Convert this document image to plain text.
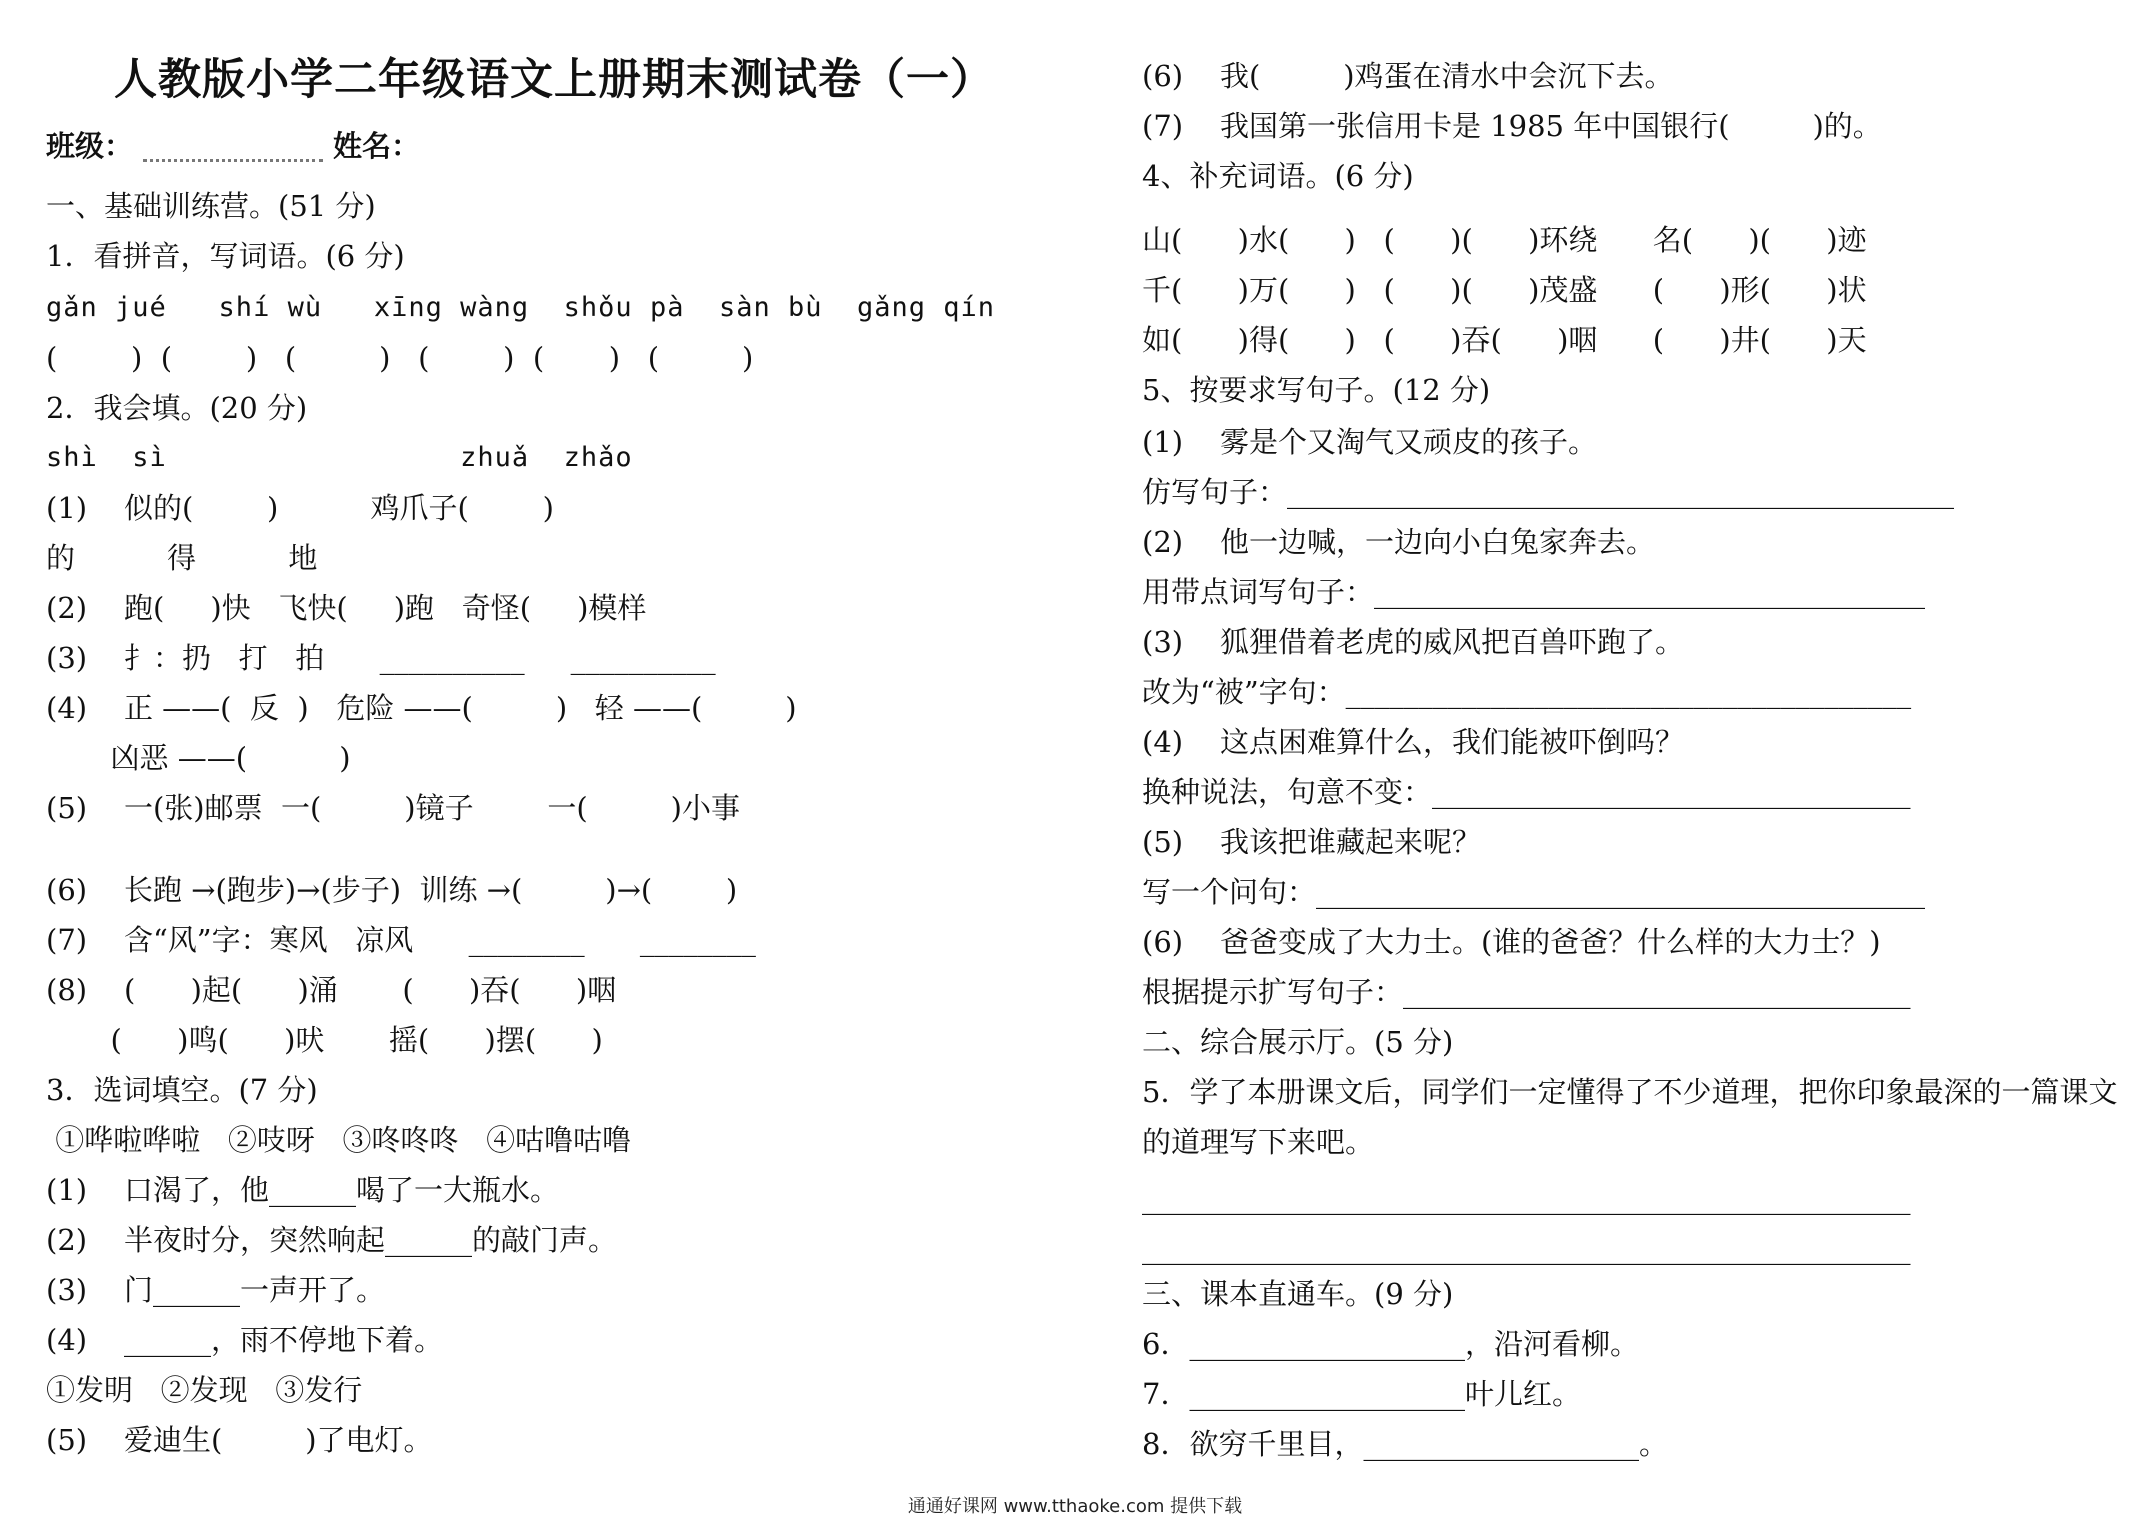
人教版小学二年级语文上册期末测试卷（一）
班级：	姓名：
一、基础训练营。(51 分)
1．看拼音，写词语。(6 分)
gǎn jué   shí wù   xīng wàng  shǒu pà  sàn bù  gǎng qín
(        )  (        )   (         )   (        )  (       )   (         )
2．我会填。(20 分)
shì  sì                 zhuǎ  zhǎo
(1)    似的(        )          鸡爪子(        )
的          得          地
(2)    跑(     )快   飞快(     )跑   奇怪(     )模样
(3)    扌：扔   打   拍      __________     __________
(4)    正 ——(  反  )   危险 ——(         )   轻 ——(         )
凶恶 ——(          )
(5)    一(张)邮票  一(         )镜子        一(         )小事
(6)    长跑 →(跑步)→(步子)  训练 →(         )→(        )
(7)    含“风”字：寒风   凉风      ________      ________
(8)    (      )起(      )涌       (      )吞(      )咽
(      )鸣(      )吠       摇(      )摆(      )
3．选词填空。(7 分)
①哗啦哗啦   ②吱呀   ③咚咚咚   ④咕噜咕噜
(1)    口渴了，他______喝了一大瓶水。
(2)    半夜时分，突然响起______的敲门声。
(3)    门______一声开了。
(4)    ______，雨不停地下着。
①发明   ②发现   ③发行
(5)    爱迪生(         )了电灯。
(6)    我(         )鸡蛋在清水中会沉下去。
(7)    我国第一张信用卡是 1985 年中国银行(         )的。
4、补充词语。(6 分)
山(      )水(      )   (      )(      )环绕      名(      )(      )迹
千(      )万(      )   (      )(      )茂盛      (      )形(      )状
如(      )得(      )   (      )吞(      )咽      (      )井(      )天
5、按要求写句子。(12 分)
(1)    雾是个又淘气又顽皮的孩子。
仿写句子：______________________________________________
(2)    他一边喊，一边向小白兔家奔去。
用带点词写句子：______________________________________
(3)    狐狸借着老虎的威风把百兽吓跑了。
改为“被”字句：_______________________________________
(4)    这点困难算什么，我们能被吓倒吗？
换种说法，句意不变：_________________________________
(5)    我该把谁藏起来呢？
写一个问句：__________________________________________
(6)    爸爸变成了大力士。(谁的爸爸？什么样的大力士？)
根据提示扩写句子：___________________________________
二、综合展示厅。(5 分)
5．学了本册课文后，同学们一定懂得了不少道理，把你印象最深的一篇课文
的道理写下来吧。
_____________________________________________________
_____________________________________________________
三、课本直通车。(9 分)
6．___________________，沿河看柳。
7．___________________叶儿红。
8．欲穷千里目，___________________。
通通好课网 www.tthaoke.com 提供下载
